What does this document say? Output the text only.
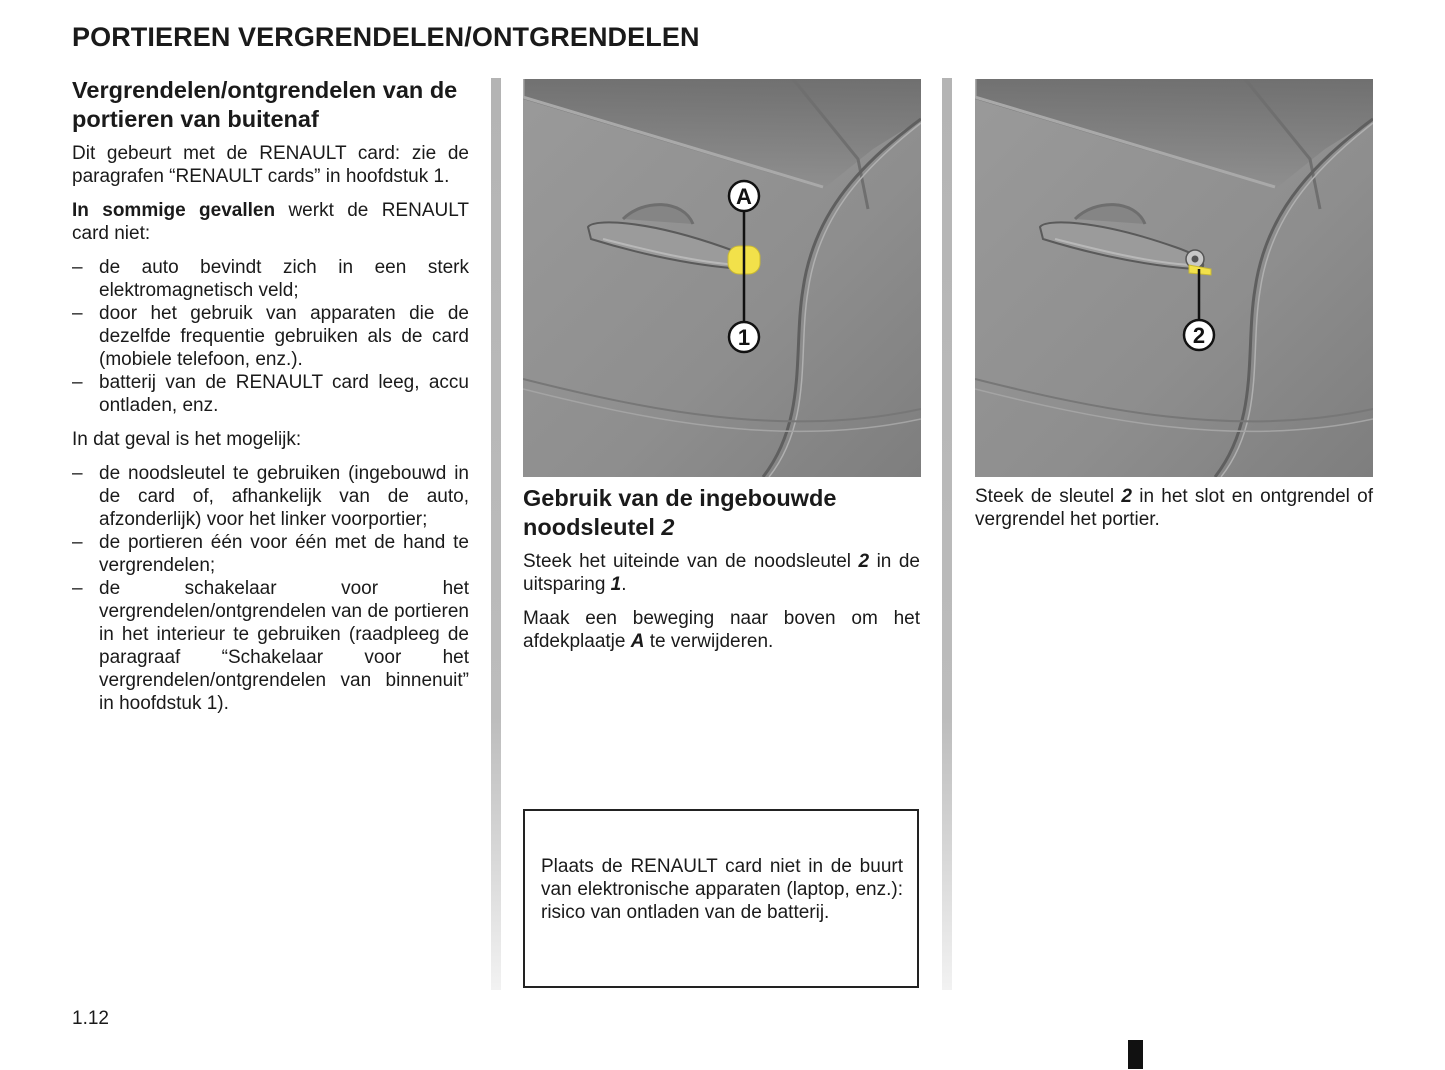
PORTIEREN VERGRENDELEN/ONTGRENDELEN
Vergrendelen/ontgrendelen van de portieren van buitenaf

Dit gebeurt met de RENAULT card: zie de paragrafen “RENAULT cards” in hoofdstuk 1.

In sommige gevallen werkt de RENAULT card niet:

– de auto bevindt zich in een sterk elektromagnetisch veld;
– door het gebruik van apparaten die de dezelfde frequentie gebruiken als de card (mobiele telefoon, enz.).
– batterij van de RENAULT card leeg, accu ontladen, enz.

In dat geval is het mogelijk:

– de noodsleutel te gebruiken (ingebouwd in de card of, afhankelijk van de auto, afzonderlijk) voor het linker voorportier;
– de portieren één voor één met de hand te vergrendelen;
– de schakelaar voor het vergrendelen/ontgrendelen van de portieren in het interieur te gebruiken (raadpleeg de paragraaf “Schakelaar voor het vergrendelen/ontgrendelen van binnenuit” in hoofdstuk 1).
A
1	2
Gebruik van de ingebouwde noodsleutel 2

Steek het uiteinde van de noodsleutel 2 in de uitsparing 1.

Maak een beweging naar boven om het afdekplaatje A te verwijderen.

Plaats de RENAULT card niet in de buurt van elektronische apparaten (laptop, enz.): risico van ontladen van de batterij.

Steek de sleutel 2 in het slot en ontgrendel of vergrendel het portier.

1.12
